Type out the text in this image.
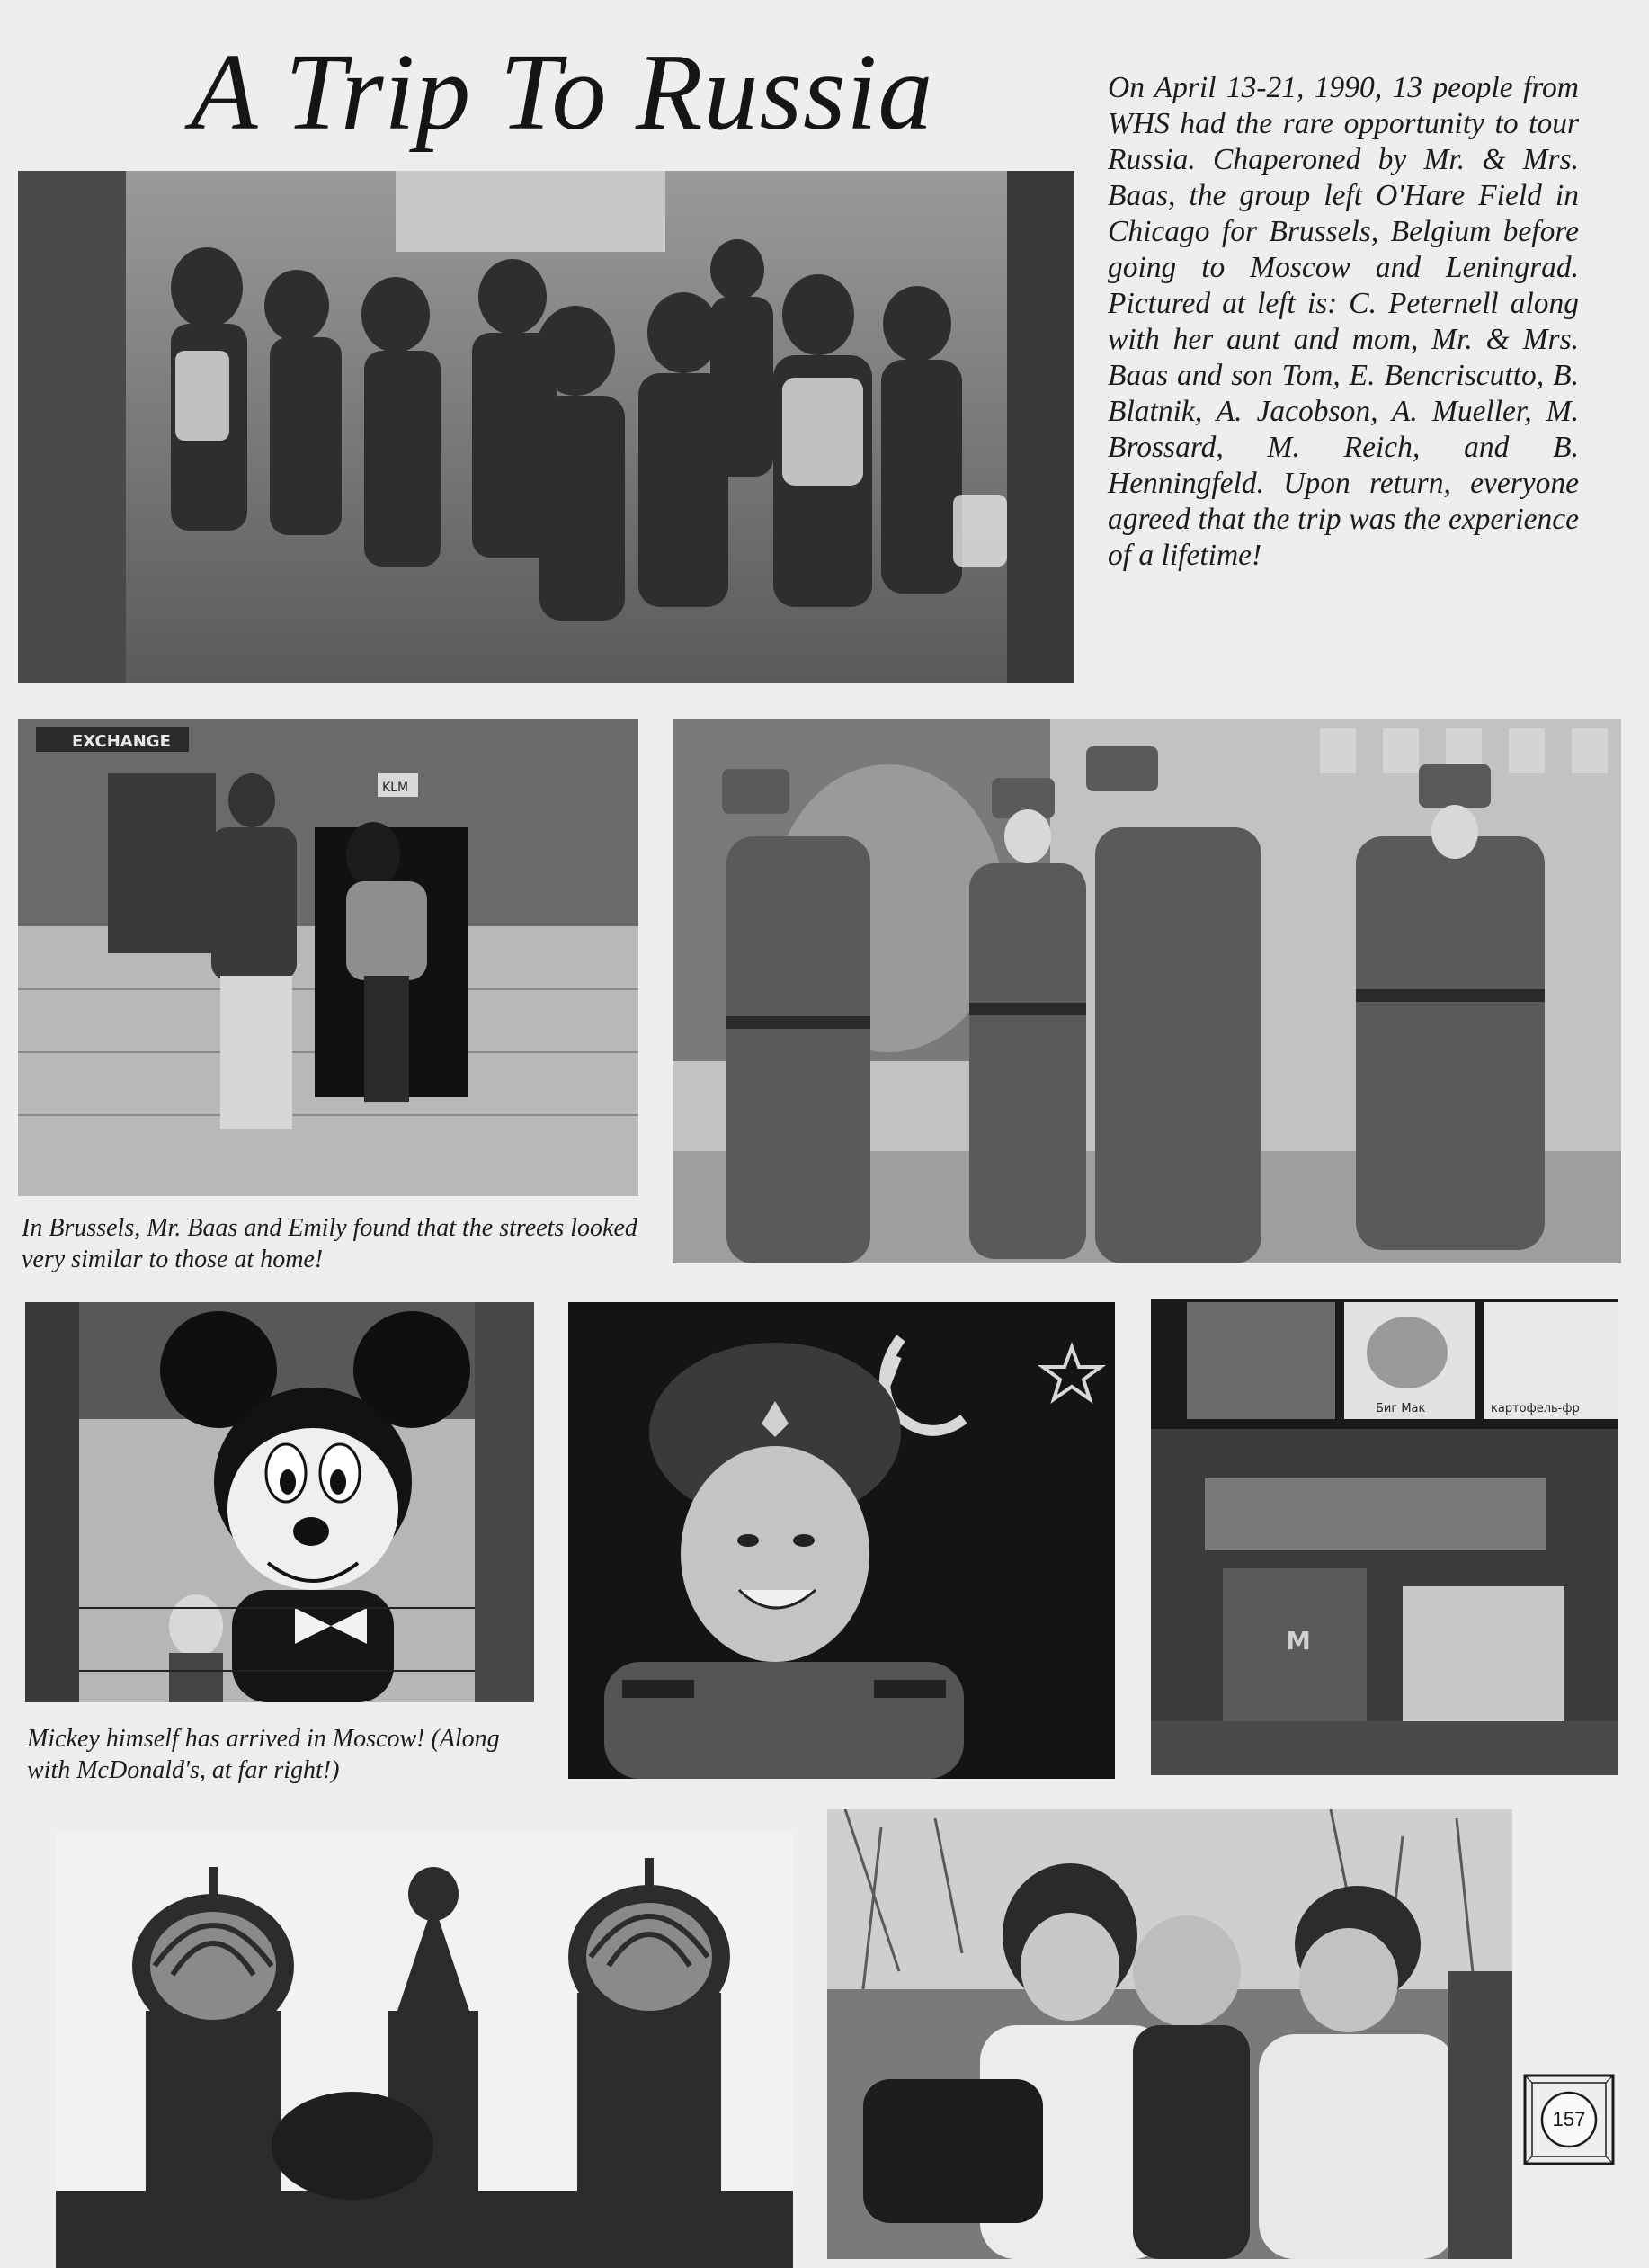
A Trip To Russia	On April 13-21, 1990, 13 people from WHS had the rare opportunity to tour Russia. Chaperoned by Mr. & Mrs. Baas, the group left O'Hare Field in Chicago for Brussels, Belgium before going to Moscow and Leningrad. Pictured at left is: C. Peternell along with her aunt and mom, Mr. & Mrs. Baas and son Tom, E. Bencriscutto, B. Blatnik, A. Jacobson, A. Mueller, M. Brossard, M. Reich, and B. Henningfeld. Upon return, everyone agreed that the trip was the experience of a lifetime!
EXCHANGE
KLM
In Brussels, Mr. Baas and Emily found that the streets looked very similar to those at home!
Mickey himself has arrived in Moscow! (Along with McDonald's, at far right!)
Биг Мак	картофель-фр
M
157
